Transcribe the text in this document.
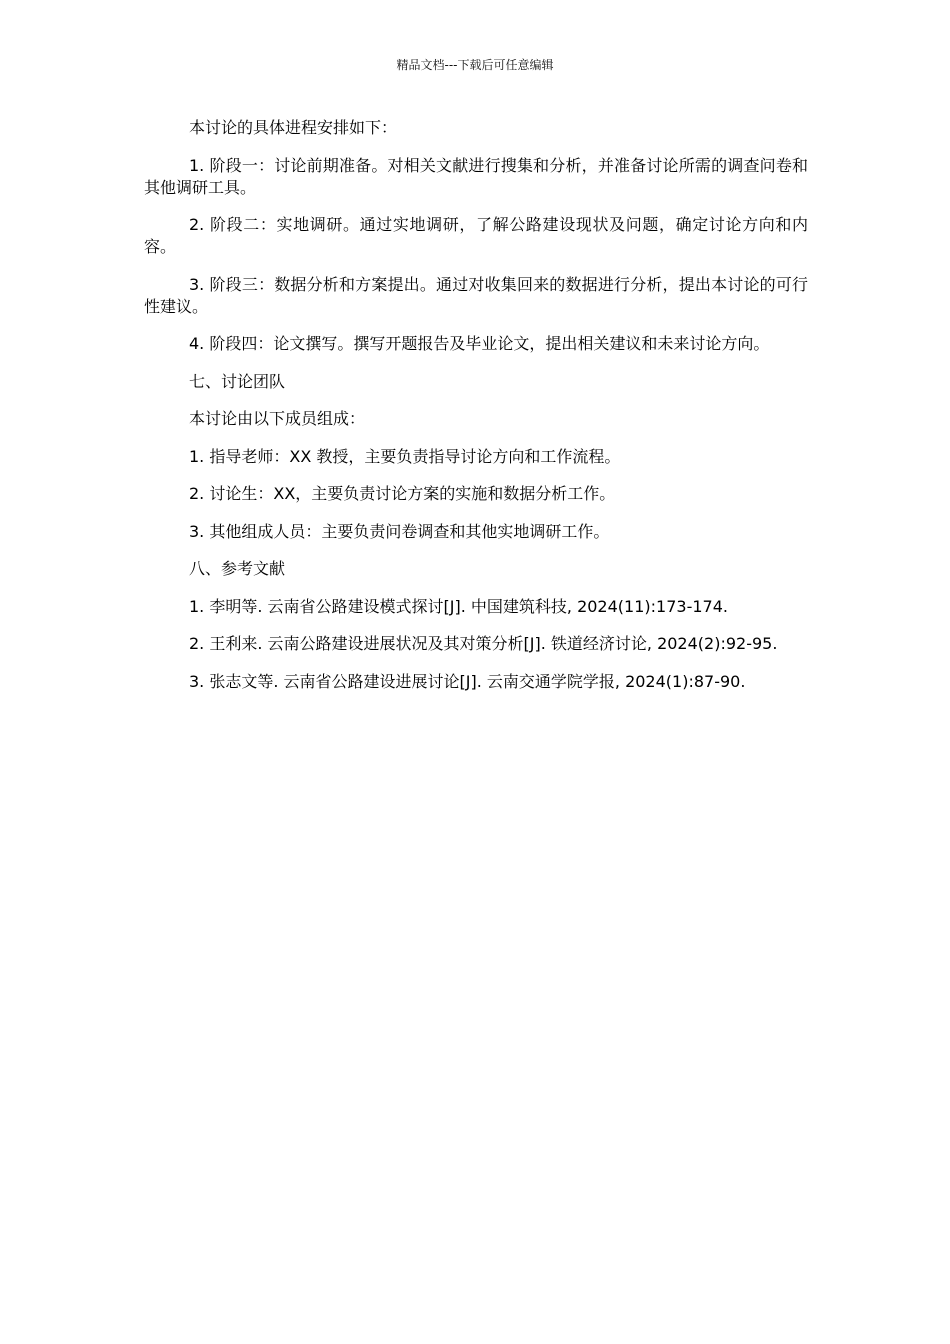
精品文档---下载后可任意编辑

本讨论的具体进程安排如下：

1. 阶段一：讨论前期准备。对相关文献进行搜集和分析，并准备讨论所需的调查问卷和其他调研工具。

2. 阶段二：实地调研。通过实地调研，了解公路建设现状及问题，确定讨论方向和内容。

3. 阶段三：数据分析和方案提出。通过对收集回来的数据进行分析，提出本讨论的可行性建议。

4. 阶段四：论文撰写。撰写开题报告及毕业论文，提出相关建议和未来讨论方向。

七、讨论团队

本讨论由以下成员组成：

1. 指导老师：XX 教授，主要负责指导讨论方向和工作流程。

2. 讨论生：XX，主要负责讨论方案的实施和数据分析工作。

3. 其他组成人员：主要负责问卷调查和其他实地调研工作。

八、参考文献

1. 李明等. 云南省公路建设模式探讨[J]. 中国建筑科技, 2024(11):173-174.

2. 王利来. 云南公路建设进展状况及其对策分析[J]. 铁道经济讨论, 2024(2):92-95.

3. 张志文等. 云南省公路建设进展讨论[J]. 云南交通学院学报, 2024(1):87-90.
